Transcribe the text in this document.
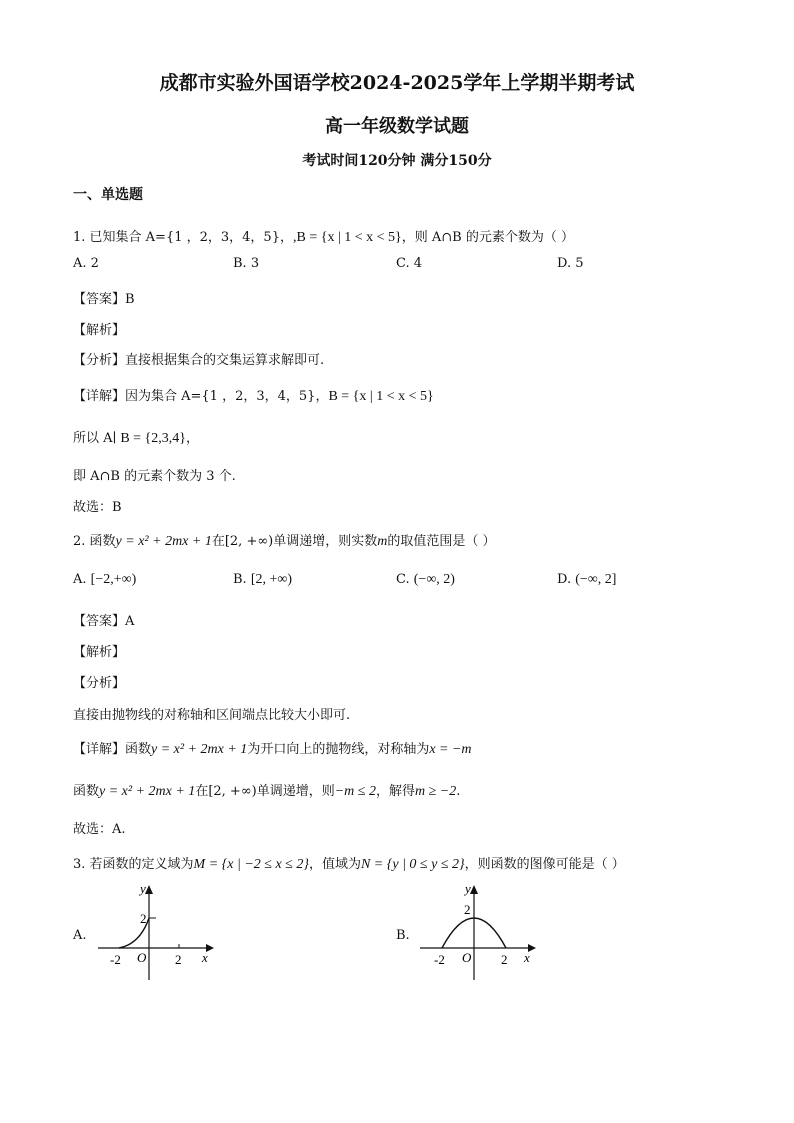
成都市实验外国语学校2024-2025学年上学期半期考试
高一年级数学试题
考试时间120分钟 满分150分
一、单选题
1. 已知集合 A={1 ，2，3，4，5}，,B = {x | 1 < x < 5}，则 A∩B 的元素个数为（ ）
A. 2	B. 3	C. 4	D. 5
【答案】B
【解析】
【分析】直接根据集合的交集运算求解即可.
【详解】因为集合 A={1 ，2，3，4，5}，B = {x | 1 < x < 5}
所以 A∣ B = {2,3,4}，
即 A∩B 的元素个数为 3 个.
故选：B
2. 函数y = x² + 2mx + 1在[2, +∞)单调递增，则实数m的取值范围是（ ）
A. [−2,+∞)	B. [2, +∞)	C. (−∞, 2)	D. (−∞, 2]
【答案】A
【解析】
【分析】
直接由抛物线的对称轴和区间端点比较大小即可.
【详解】函数y = x² + 2mx + 1为开口向上的抛物线，对称轴为x = −m
函数y = x² + 2mx + 1在[2, +∞)单调递增，则−m ≤ 2，解得m ≥ −2.
故选：A.
3. 若函数的定义域为M = {x | −2 ≤ x ≤ 2}，值域为N = {y | 0 ≤ y ≤ 2}，则函数的图像可能是（ ）
A.
y
x
O
-2	2
2
B.
y
x
O
-2	2
2
